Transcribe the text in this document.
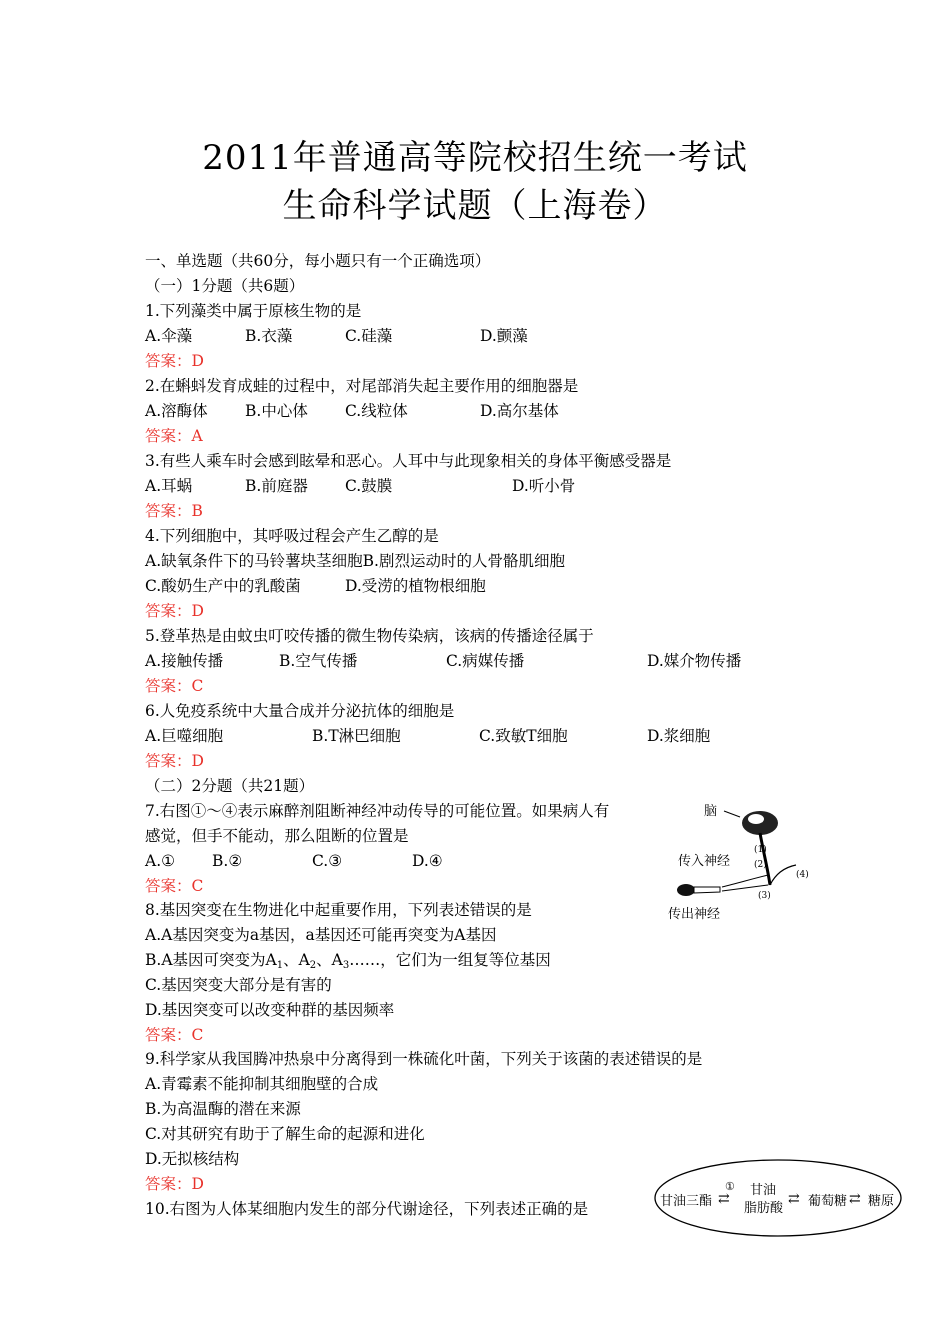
2011年普通高等院校招生统一考试
生命科学试题（上海卷）
一、单选题（共60分，每小题只有一个正确选项）
（一）1分题（共6题）
1.下列藻类中属于原核生物的是
A.伞藻	B.衣藻	C.硅藻	D.颤藻
答案：D
2.在蝌蚪发育成蛙的过程中，对尾部消失起主要作用的细胞器是
A.溶酶体 B.中心体 C.线粒体	D.高尔基体
答案：A
3.有些人乘车时会感到眩晕和恶心。人耳中与此现象相关的身体平衡感受器是
A.耳蜗	B.前庭器 C.鼓膜	D.听小骨
答案：B
4.下列细胞中，其呼吸过程会产生乙醇的是
A.缺氧条件下的马铃薯块茎细胞B.剧烈运动时的人骨骼肌细胞
C.酸奶生产中的乳酸菌	D.受涝的植物根细胞
答案：D
5.登革热是由蚊虫叮咬传播的微生物传染病，该病的传播途径属于
A.接触传播	B.空气传播	C.病媒传播	D.媒介物传播
答案：C
6.人免疫系统中大量合成并分泌抗体的细胞是
A.巨噬细胞	B.T淋巴细胞	C.致敏T细胞	D.浆细胞
答案：D
（二）2分题（共21题）
7.右图①～④表示麻醉剂阻断神经冲动传导的可能位置。如果病人有
感觉，但手不能动，那么阻断的位置是
A.① B.②	C.③	D.④
答案：C
脑
(1)
(2)
(3)
(4)
传入神经
传出神经
8.基因突变在生物进化中起重要作用，下列表述错误的是
A.A基因突变为a基因，a基因还可能再突变为A基因
B.A基因可突变为$A_1$、$A_2$、$A_3\dots\dots$，它们为一组复等位基因
C.基因突变大部分是有害的
D.基因突变可以改变种群的基因频率
答案：C
9.科学家从我国腾冲热泉中分离得到一株硫化叶菌，下列关于该菌的表述错误的是
A.青霉素不能抑制其细胞壁的合成
B.为高温酶的潜在来源
C.对其研究有助于了解生命的起源和进化
D.无拟核结构
答案：D
10.右图为人体某细胞内发生的部分代谢途径，下列表述正确的是	甘油三酯
①
⇄
甘油
脂肪酸
⇄ 葡萄糖 ⇄ 糖原
